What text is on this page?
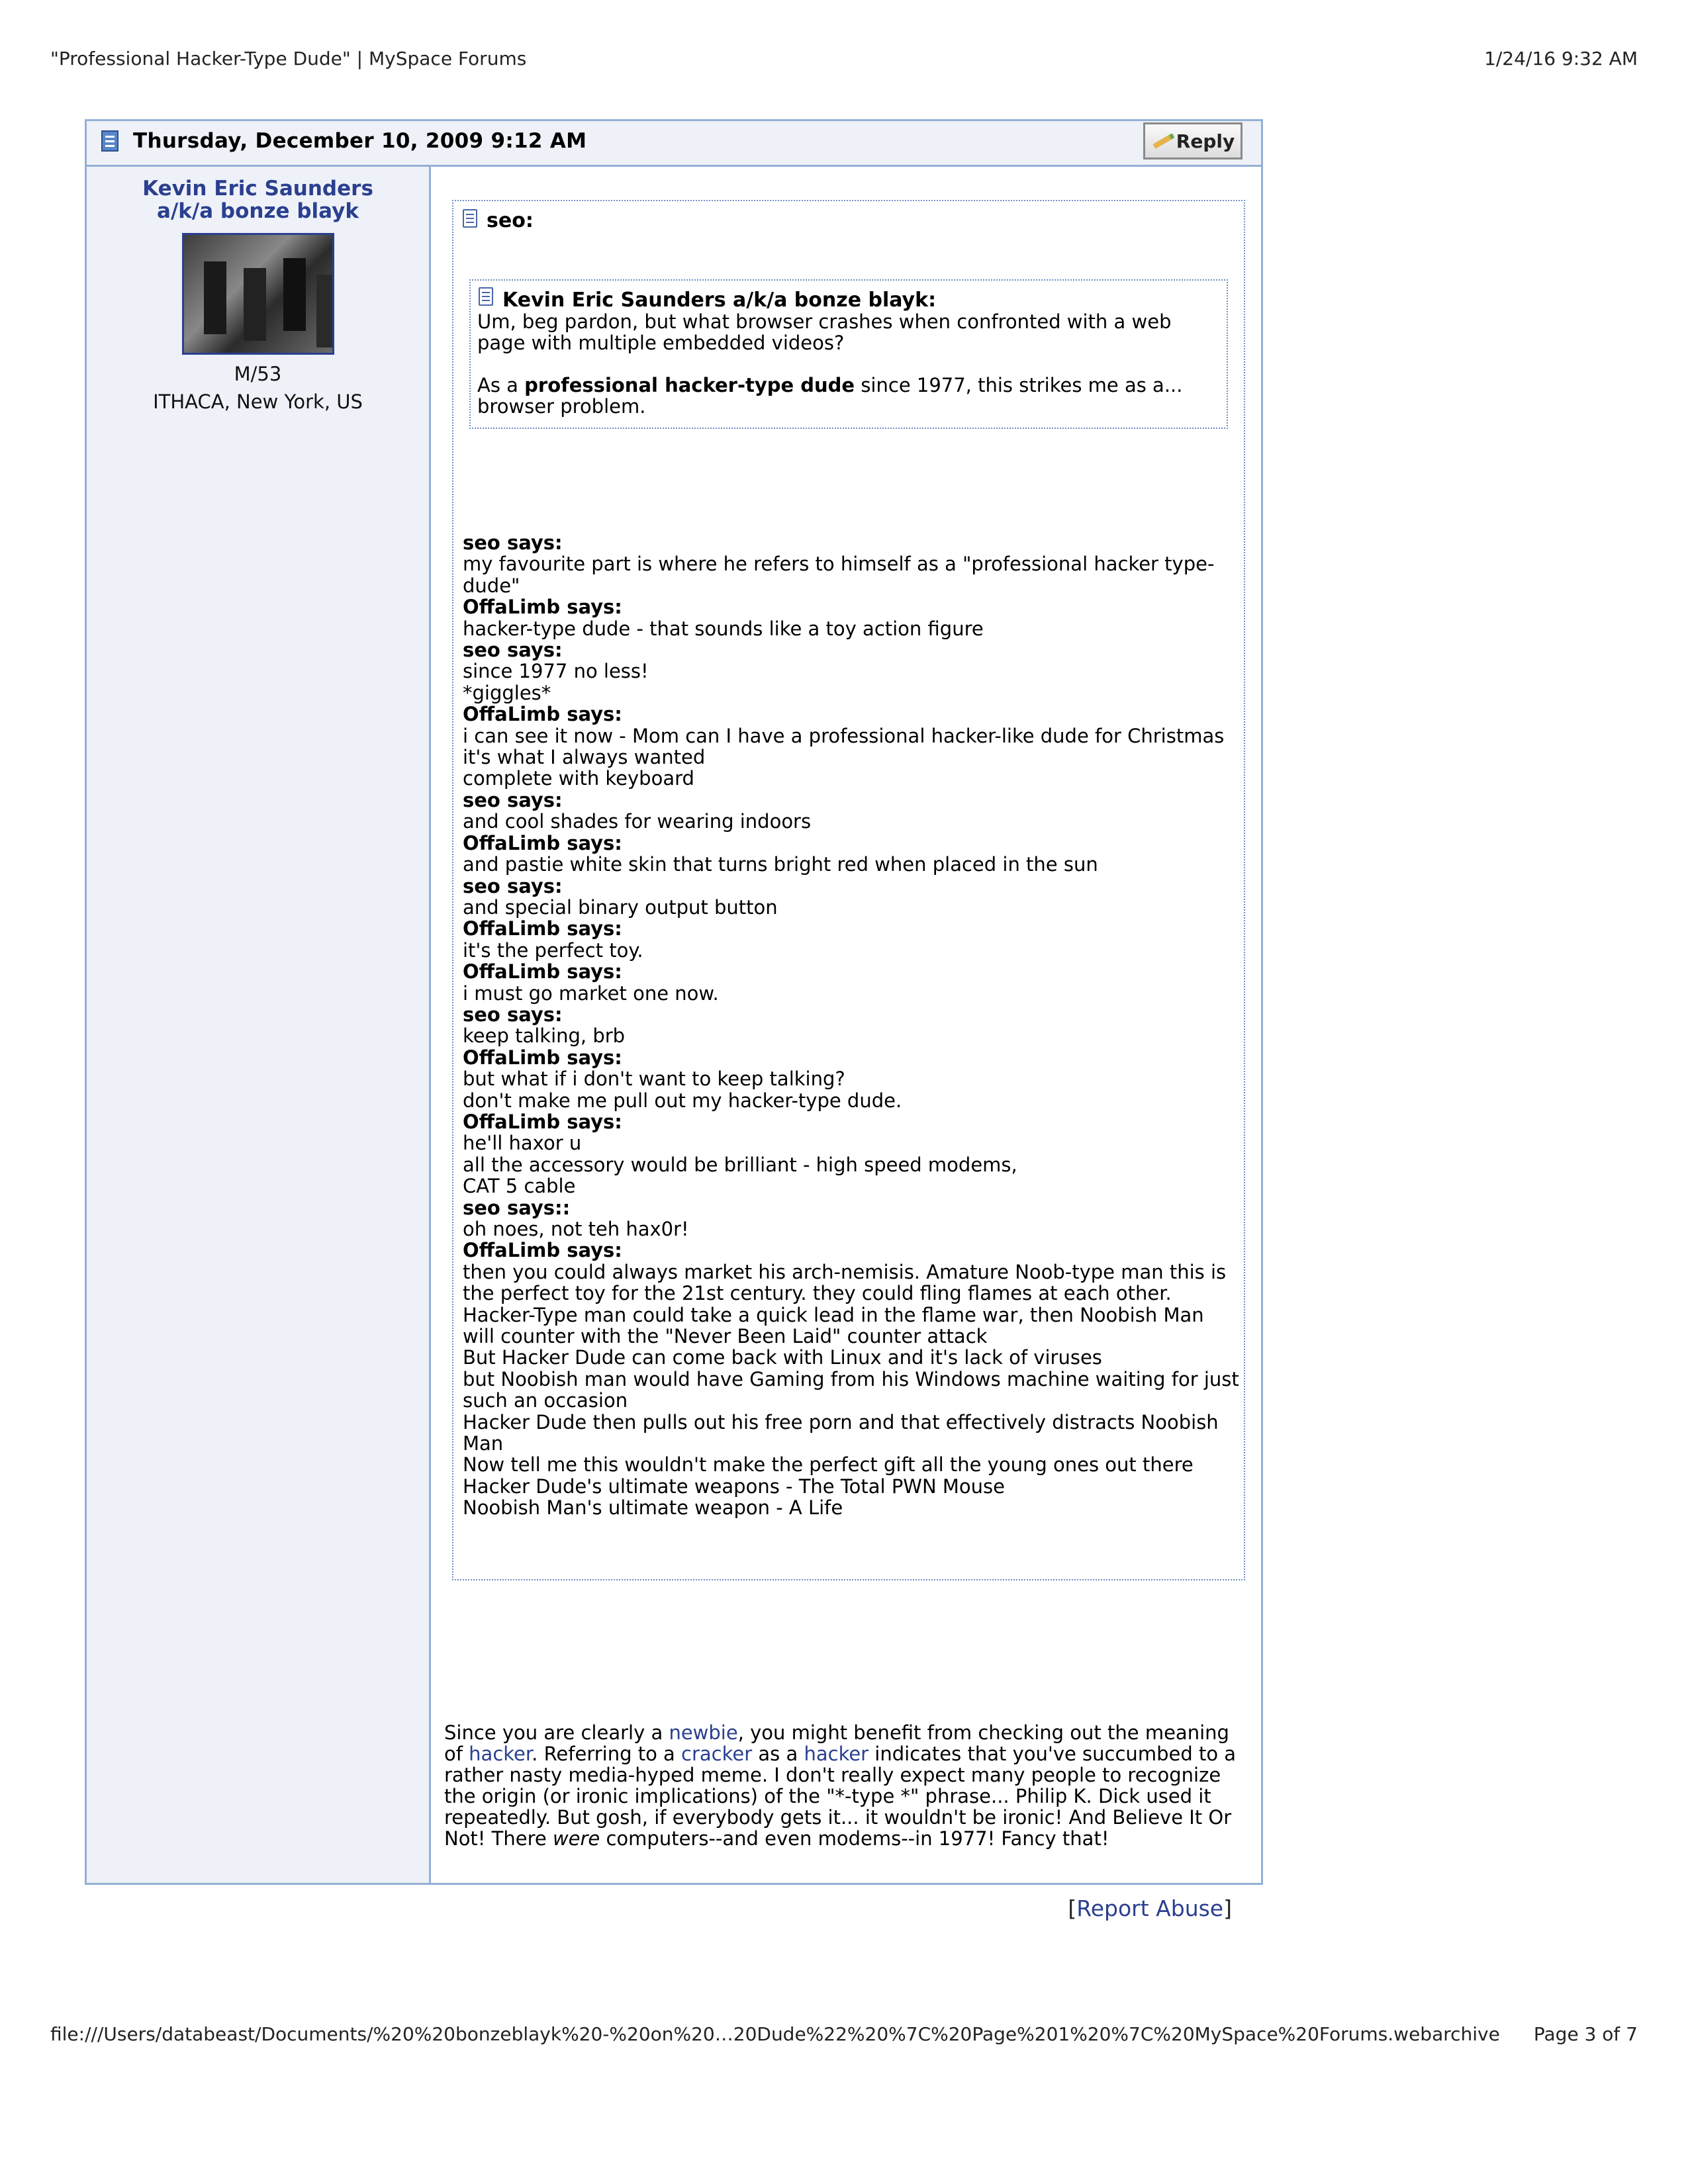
"Professional Hacker-Type Dude" | MySpace Forums	1/24/16 9:32 AM
Thursday, December 10, 2009 9:12 AM	Reply
Kevin Eric Saunders
a/k/a bonze blayk
M/53
ITHACA, New York, US
seo:
Kevin Eric Saunders a/k/a bonze blayk:

Um, beg pardon, but what browser crashes when confronted with a web page with multiple embedded videos?

As a professional hacker-type dude since 1977, this strikes me as a... browser problem.

seo says:
my favourite part is where he refers to himself as a "professional hacker type-dude"
OffaLimb says:
hacker-type dude - that sounds like a toy action figure
seo says:
since 1977 no less!
*giggles*
OffaLimb says:
i can see it now - Mom can I have a professional hacker-like dude for Christmas
it's what I always wanted
complete with keyboard
seo says:
and cool shades for wearing indoors
OffaLimb says:
and pastie white skin that turns bright red when placed in the sun
seo says:
and special binary output button
OffaLimb says:
it's the perfect toy.
OffaLimb says:
i must go market one now.
seo says:
keep talking, brb
OffaLimb says:
but what if i don't want to keep talking?
don't make me pull out my hacker-type dude.
OffaLimb says:
he'll haxor u
all the accessory would be brilliant - high speed modems,
CAT 5 cable
seo says::
oh noes, not teh hax0r!
OffaLimb says:
then you could always market his arch-nemisis. Amature Noob-type man this is the perfect toy for the 21st century. they could fling flames at each other.
Hacker-Type man could take a quick lead in the flame war, then Noobish Man will counter with the "Never Been Laid" counter attack
But Hacker Dude can come back with Linux and it's lack of viruses
but Noobish man would have Gaming from his Windows machine waiting for just such an occasion
Hacker Dude then pulls out his free porn and that effectively distracts Noobish Man
Now tell me this wouldn't make the perfect gift all the young ones out there
Hacker Dude's ultimate weapons - The Total PWN Mouse
Noobish Man's ultimate weapon - A Life
Since you are clearly a newbie, you might benefit from checking out the meaning of hacker. Referring to a cracker as a hacker indicates that you've succumbed to a rather nasty media-hyped meme. I don't really expect many people to recognize the origin (or ironic implications) of the "*-type *" phrase... Philip K. Dick used it repeatedly. But gosh, if everybody gets it... it wouldn't be ironic! And Believe It Or Not! There were computers--and even modems--in 1977! Fancy that!
[Report Abuse]
file:///Users/databeast/Documents/%20%20bonzeblayk%20-%20on%20…20Dude%22%20%7C%20Page%201%20%7C%20MySpace%20Forums.webarchive Page 3 of 7
